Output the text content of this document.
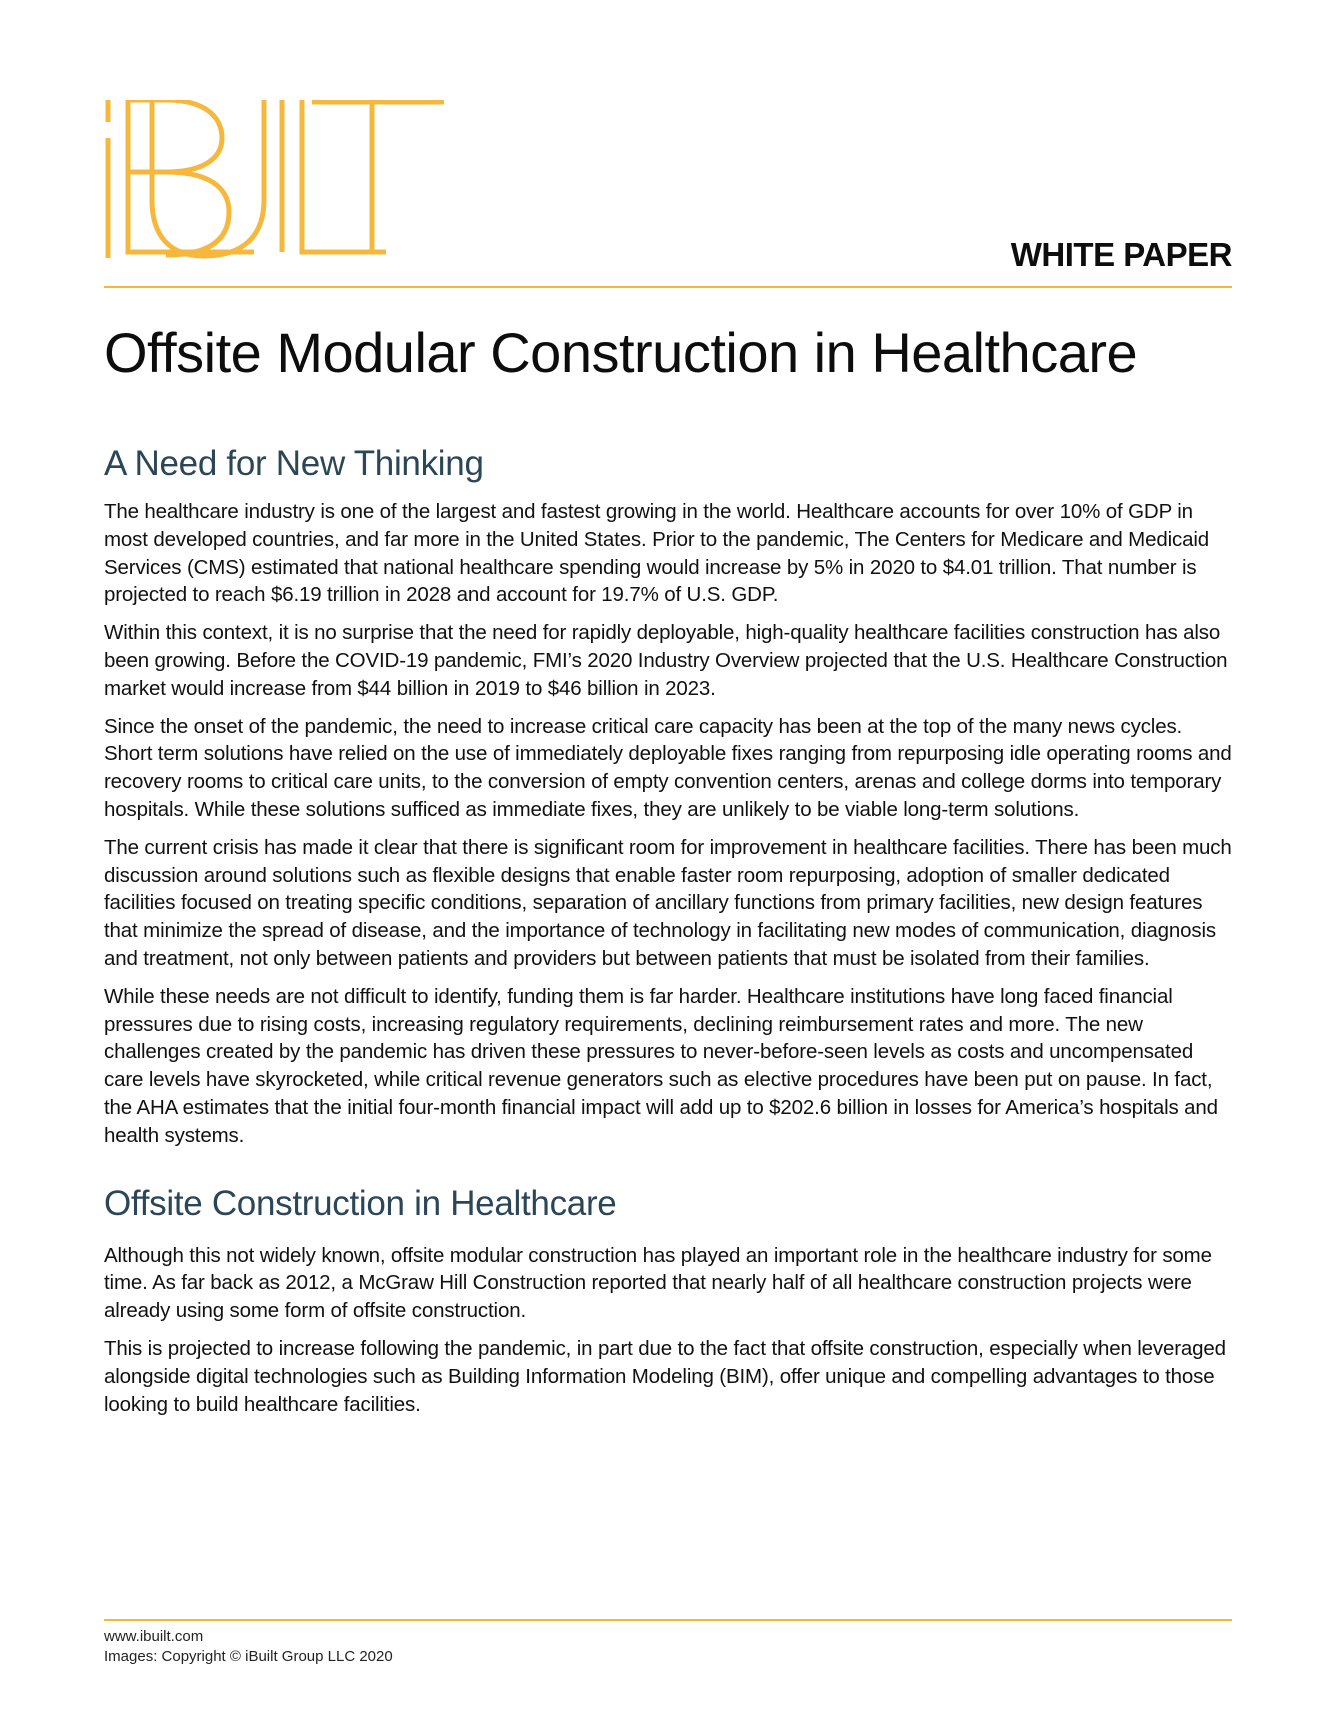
WHITE PAPER
Offsite Modular Construction in Healthcare
A Need for New Thinking

The healthcare industry is one of the largest and fastest growing in the world. Healthcare accounts for over 10% of GDP in most developed countries, and far more in the United States. Prior to the pandemic, The Centers for Medicare and Medicaid Services (CMS) estimated that national healthcare spending would increase by 5% in 2020 to $4.01 trillion. That number is projected to reach $6.19 trillion in 2028 and account for 19.7% of U.S. GDP.

Within this context, it is no surprise that the need for rapidly deployable, high-quality healthcare facilities construction has also been growing. Before the COVID-19 pandemic, FMI’s 2020 Industry Overview projected that the U.S. Healthcare Construction market would increase from $44 billion in 2019 to $46 billion in 2023.

Since the onset of the pandemic, the need to increase critical care capacity has been at the top of the many news cycles. Short term solutions have relied on the use of immediately deployable fixes ranging from repurposing idle operating rooms and recovery rooms to critical care units, to the conversion of empty convention centers, arenas and college dorms into temporary hospitals. While these solutions sufficed as immediate fixes, they are unlikely to be viable long-term solutions.

The current crisis has made it clear that there is significant room for improvement in healthcare facilities. There has been much discussion around solutions such as flexible designs that enable faster room repurposing, adoption of smaller dedicated facilities focused on treating specific conditions, separation of ancillary functions from primary facilities, new design features that minimize the spread of disease, and the importance of technology in facilitating new modes of communication, diagnosis and treatment, not only between patients and providers but between patients that must be isolated from their families.

While these needs are not difficult to identify, funding them is far harder. Healthcare institutions have long faced financial pressures due to rising costs, increasing regulatory requirements, declining reimbursement rates and more. The new challenges created by the pandemic has driven these pressures to never-before-seen levels as costs and uncompensated care levels have skyrocketed, while critical revenue generators such as elective procedures have been put on pause. In fact, the AHA estimates that the initial four-month financial impact will add up to $202.6 billion in losses for America’s hospitals and health systems.

Offsite Construction in Healthcare

Although this not widely known, offsite modular construction has played an important role in the healthcare industry for some time. As far back as 2012, a McGraw Hill Construction reported that nearly half of all healthcare construction projects were already using some form of offsite construction.

This is projected to increase following the pandemic, in part due to the fact that offsite construction, especially when leveraged alongside digital technologies such as Building Information Modeling (BIM), offer unique and compelling advantages to those looking to build healthcare facilities.

www.ibuilt.com
Images: Copyright © iBuilt Group LLC 2020
